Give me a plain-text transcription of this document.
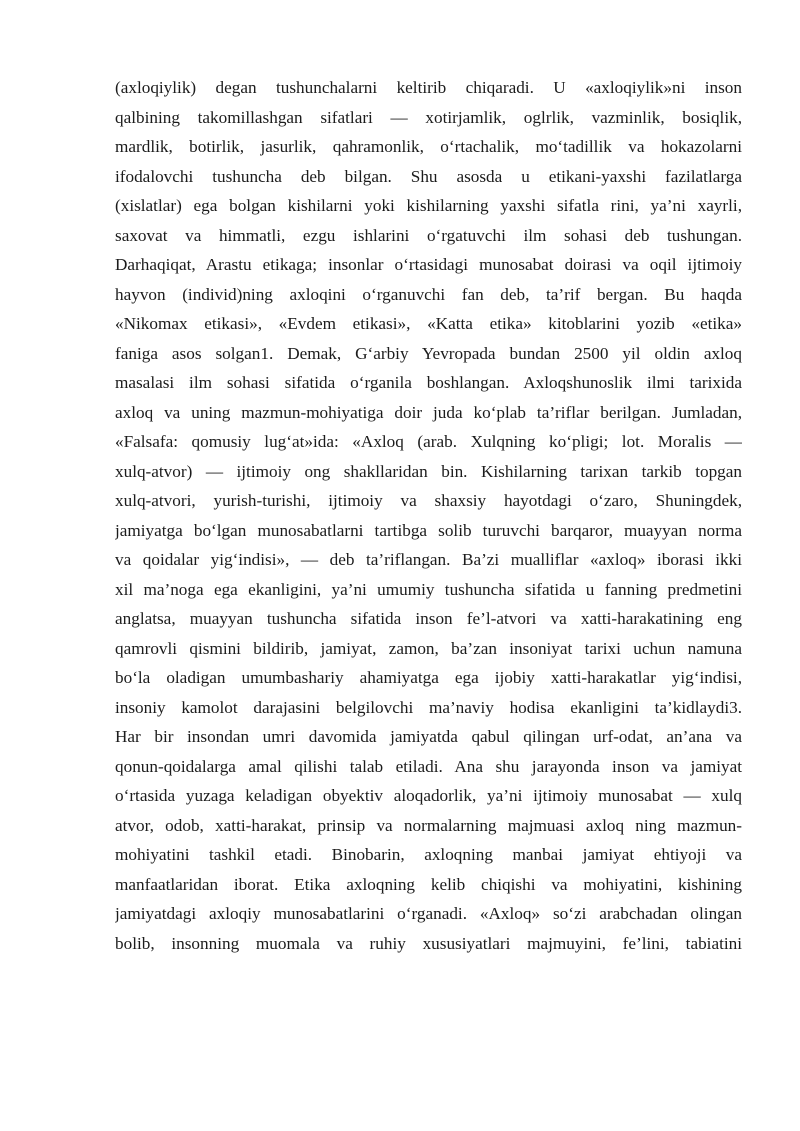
(axloqiylik) degan tushunchalarni keltirib chiqaradi. U «axloqiylik»ni inson
qalbining takomillashgan sifatlari — xotirjamlik, oglrlik, vazminlik, bosiqlik,
mardlik, botirlik, jasurlik, qahramonlik, o‘rtachalik, mo‘tadillik va hokazolarni
ifodalovchi tushuncha deb bilgan. Shu asosda u etikani-yaxshi fazilatlarga
(xislatlar) ega bolgan kishilarni yoki kishilarning yaxshi sifatla rini, ya’ni xayrli,
saxovat va himmatli, ezgu ishlarini o‘rgatuvchi ilm sohasi deb tushungan.
Darhaqiqat, Arastu etikaga; insonlar o‘rtasidagi munosabat doirasi va oqil ijtimoiy
hayvon (individ)ning axloqini o‘rganuvchi fan deb, ta’rif bergan. Bu haqda
«Nikomax etikasi», «Evdem etikasi», «Katta etika» kitoblarini yozib «etika»
faniga asos solgan1. Demak, G‘arbiy Yevropada bundan 2500 yil oldin axloq
masalasi ilm sohasi sifatida o‘rganila boshlangan. Axloqshunoslik ilmi tarixida
axloq va uning mazmun-mohiyatiga doir juda ko‘plab ta’riflar berilgan. Jumladan,
«Falsafa: qomusiy lug‘at»ida: «Axloq (arab. Xulqning ko‘pligi; lot. Moralis —
xulq-atvor) — ijtimoiy ong shakllaridan bin. Kishilarning tarixan tarkib topgan
xulq-atvori, yurish-turishi, ijtimoiy va shaxsiy hayotdagi o‘zaro, Shuningdek,
jamiyatga bo‘lgan munosabatlarni tartibga solib turuvchi barqaror, muayyan norma
va qoidalar yig‘indisi», — deb ta’riflangan. Ba’zi mualliflar «axloq» iborasi ikki
xil ma’noga ega ekanligini, ya’ni umumiy tushuncha sifatida u fanning predmetini
anglatsa, muayyan tushuncha sifatida inson fe’l-atvori va xatti-harakatining eng
qamrovli qismini bildirib, jamiyat, zamon, ba’zan insoniyat tarixi uchun namuna
bo‘la oladigan umumbashariy ahamiyatga ega ijobiy xatti-harakatlar yig‘indisi,
insoniy kamolot darajasini belgilovchi ma’naviy hodisa ekanligini ta’kidlaydi3.
Har bir insondan umri davomida jamiyatda qabul qilingan urf-odat, an’ana va
qonun-qoidalarga amal qilishi talab etiladi. Ana shu jarayonda inson va jamiyat
o‘rtasida yuzaga keladigan obyektiv aloqadorlik, ya’ni ijtimoiy munosabat — xulq
atvor, odob, xatti-harakat, prinsip va normalarning majmuasi axloq ning mazmun-
mohiyatini tashkil etadi. Binobarin, axloqning manbai jamiyat ehtiyoji va
manfaatlaridan iborat. Etika axloqning kelib chiqishi va mohiyatini, kishining
jamiyatdagi axloqiy munosabatlarini o‘rganadi. «Axloq» so‘zi arabchadan olingan
bolib, insonning muomala va ruhiy xususiyatlari majmuyini, fe’lini, tabiatini
